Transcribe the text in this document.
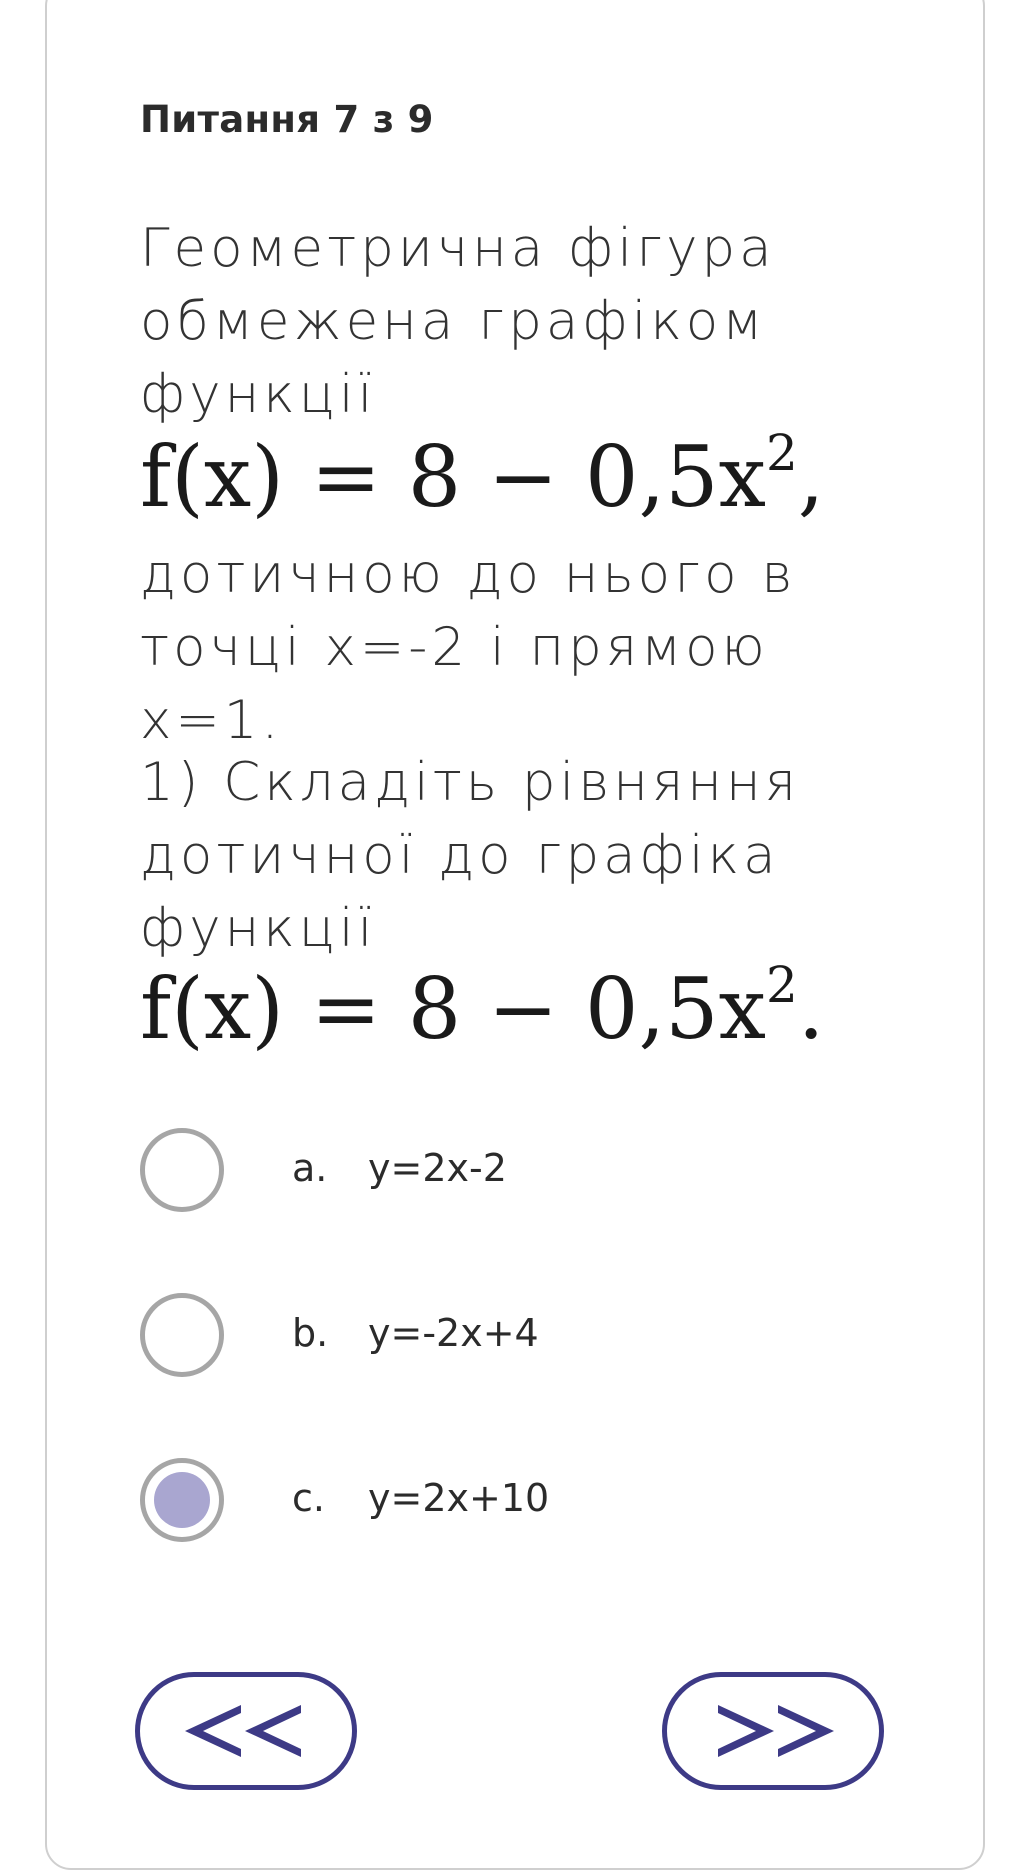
Питання 7 з 9
Геометрична фігура
обмежена графіком
функції
$f(x) = 8 - 0,5x^2$,
дотичною до нього в
точці х=-2 і прямою х=1.
1) Складіть рівняння
дотичної до графіка
функції
$f(x) = 8 - 0,5x^2$.
a. y=2x-2
b. y=-2x+4
c. y=2x+10
